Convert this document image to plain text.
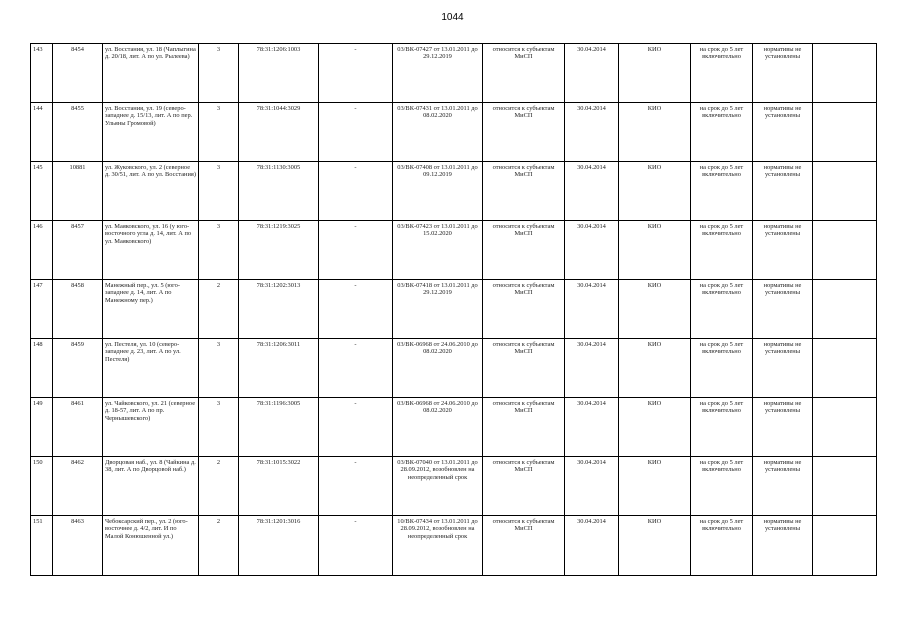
1044
143	8454	ул. Восстания, ул. 18 (Чаплыгина д. 20/18, лит. А по ул. Рылеева)	3	78:31:1206:1003	-	03/ВК-07427 от 13.01.2011 до 29.12.2019	относится к субъектам МиСП	30.04.2014	КИО	на срок до 5 лет включительно	нормативы не установлены	
144	8455	ул. Восстания, ул. 19 (северо-западнее д. 15/13, лит. А по пер. Ульяны Громовой)	3	78:31:1044:3029	-	03/ВК-07431 от 13.01.2011 до 08.02.2020	относится к субъектам МиСП	30.04.2014	КИО	на срок до 5 лет включительно	нормативы не установлены	
145	10881	ул. Жуковского, ул. 2 (северное д. 30/51, лит. А по ул. Восстания)	3	78:31:1130:3005	-	03/ВК-07408 от 13.01.2011 до 09.12.2019	относится к субъектам МиСП	30.04.2014	КИО	на срок до 5 лет включительно	нормативы не установлены	
146	8457	ул. Маяковского, ул. 16 (у юго-восточного угла д. 14, лит. А по ул. Маяковского)	3	78:31:1219:3025	-	03/ВК-07423 от 13.01.2011 до 15.02.2020	относится к субъектам МиСП	30.04.2014	КИО	на срок до 5 лет включительно	нормативы не установлены	
147	8458	Манежный пер., ул. 5 (юго-западнее д. 14, лит. А по Манежному пер.)	2	78:31:1202:3013	-	03/ВК-07418 от 13.01.2011 до 29.12.2019	относится к субъектам МиСП	30.04.2014	КИО	на срок до 5 лет включительно	нормативы не установлены	
148	8459	ул. Пестеля, ул. 10 (северо-западнее д. 23, лит. А по ул. Пестеля)	3	78:31:1206:3011	-	03/ВК-06968 от 24.06.2010 до 08.02.2020	относится к субъектам МиСП	30.04.2014	КИО	на срок до 5 лет включительно	нормативы не установлены	
149	8461	ул. Чайковского, ул. 21 (северное д. 18-57, лит. А по пр. Чернышевского)	3	78:31:1196:3005	-	03/ВК-06968 от 24.06.2010 до 08.02.2020	относится к субъектам МиСП	30.04.2014	КИО	на срок до 5 лет включительно	нормативы не установлены	
150	8462	Дворцовая наб., ул. 8 (Чайкина д. 38, лит. А по Дворцовой наб.)	2	78:31:1015:3022	-	03/ВК-07040 от 13.01.2011 до 28.09.2012, возобновлен на неопределенный срок	относится к субъектам МиСП	30.04.2014	КИО	на срок до 5 лет включительно	нормативы не установлены	
151	8463	Чебоксарский пер., ул. 2 (юго-восточнее д. 4/2, лит. И по Малой Конюшенной ул.)	2	78:31:1201:3016	-	10/ВК-07434 от 13.01.2011 до 28.09.2012, возобновлен на неопределенный срок	относится к субъектам МиСП	30.04.2014	КИО	на срок до 5 лет включительно	нормативы не установлены	
